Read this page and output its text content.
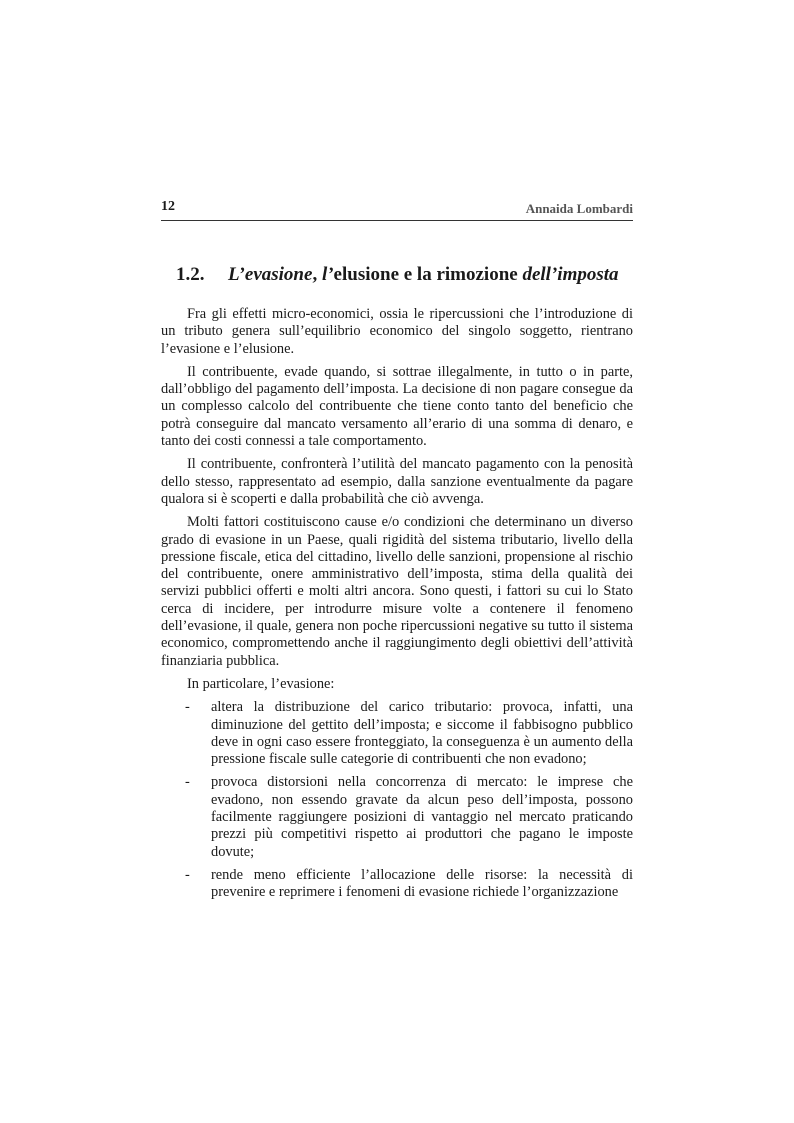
12	Annaida Lombardi
1.2. L’evasione, l’elusione e la rimozione dell’imposta

Fra gli effetti micro-economici, ossia le ripercussioni che l’introduzione di un tributo genera sull’equilibrio economico del singolo soggetto, rientrano l’evasione e l’elusione.

Il contribuente, evade quando, si sottrae illegalmente, in tutto o in parte, dall’obbligo del pagamento dell’imposta. La decisione di non pagare consegue da un complesso calcolo del contribuente che tiene conto tanto del beneficio che potrà conseguire dal mancato versamento all’erario di una somma di denaro, e tanto dei costi connessi a tale comportamento.

Il contribuente, confronterà l’utilità del mancato pagamento con la penosità dello stesso, rappresentato ad esempio, dalla sanzione eventualmente da pagare qualora si è scoperti e dalla probabilità che ciò avvenga.

Molti fattori costituiscono cause e/o condizioni che determinano un diverso grado di evasione in un Paese, quali rigidità del sistema tributario, livello della pressione fiscale, etica del cittadino, livello delle sanzioni, propensione al rischio del contribuente, onere amministrativo dell’imposta, stima della qualità dei servizi pubblici offerti e molti altri ancora. Sono questi, i fattori su cui lo Stato cerca di incidere, per introdurre misure volte a contenere il fenomeno dell’evasione, il quale, genera non poche ripercussioni negative su tutto il sistema economico, compromettendo anche il raggiungimento degli obiettivi dell’attività finanziaria pubblica.

In particolare, l’evasione:

- altera la distribuzione del carico tributario: provoca, infatti, una diminuzione del gettito dell’imposta; e siccome il fabbisogno pubblico deve in ogni caso essere fronteggiato, la conseguenza è un aumento della pressione fiscale sulle categorie di contribuenti che non evadono;
- provoca distorsioni nella concorrenza di mercato: le imprese che evadono, non essendo gravate da alcun peso dell’imposta, possono facilmente raggiungere posizioni di vantaggio nel mercato praticando prezzi più competitivi rispetto ai produttori che pagano le imposte dovute;
- rende meno efficiente l’allocazione delle risorse: la necessità di prevenire e reprimere i fenomeni di evasione richiede l’organizzazione
